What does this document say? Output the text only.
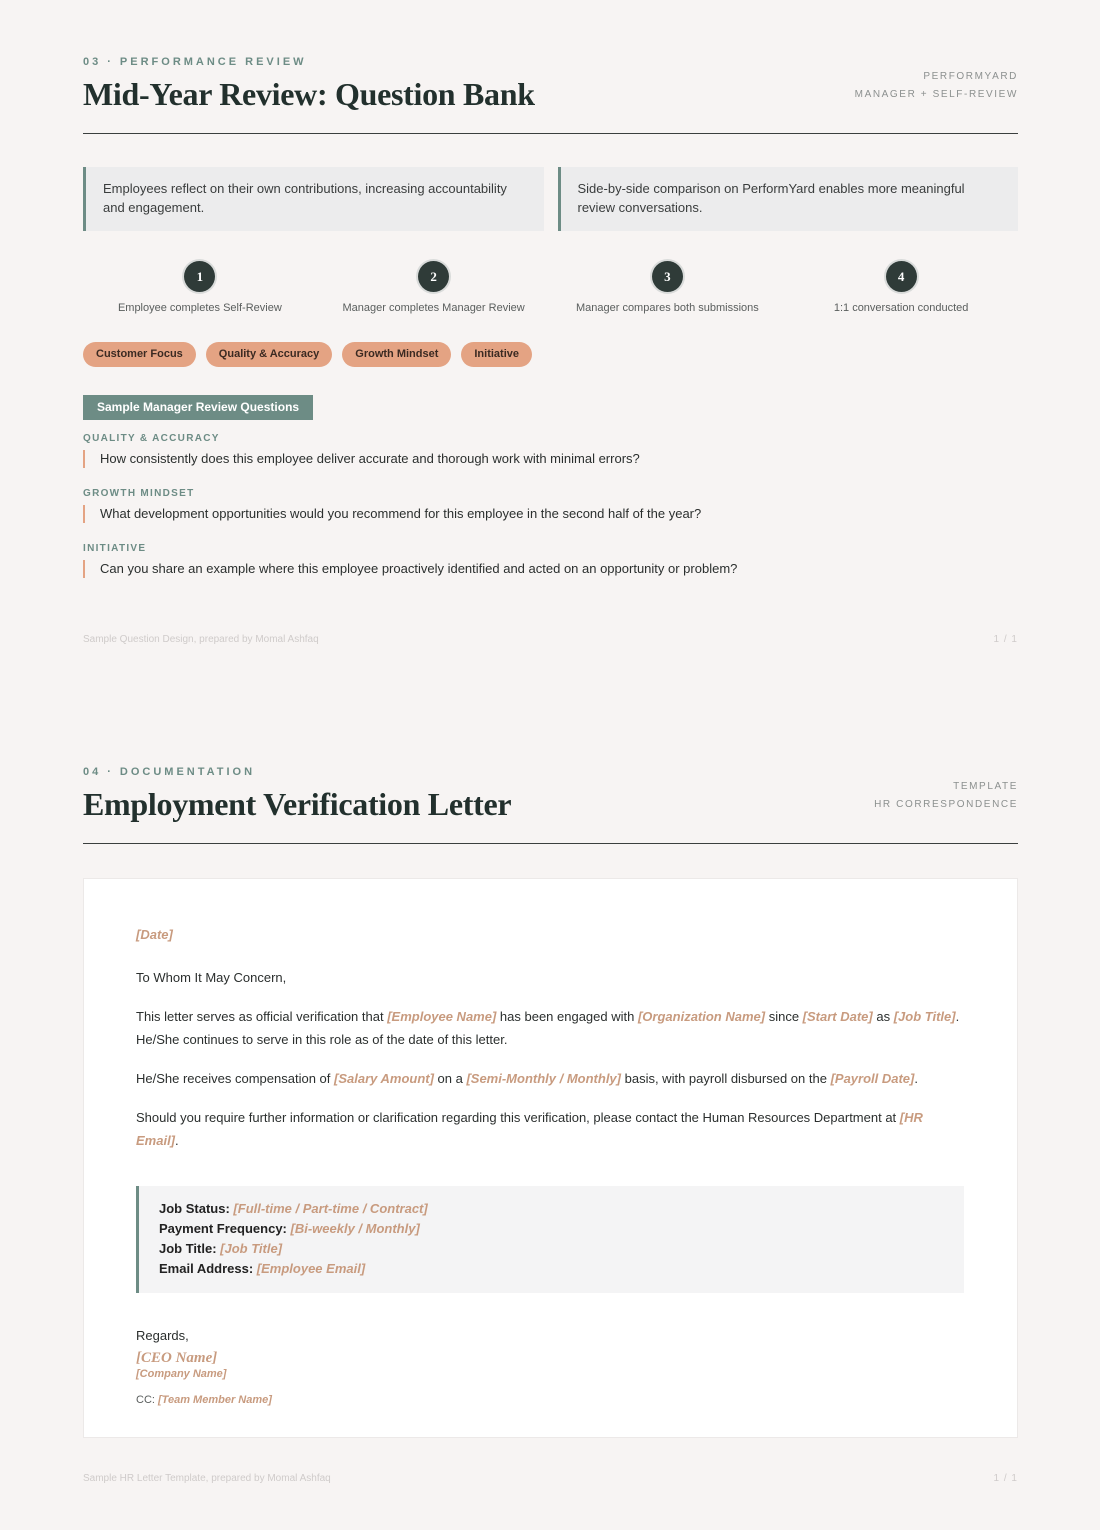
03 · PERFORMANCE REVIEW
Mid-Year Review: Question Bank	PERFORMYARD
MANAGER + SELF-REVIEW
Employees reflect on their own contributions, increasing accountability and engagement.
Side-by-side comparison on PerformYard enables more meaningful review conversations.
1
Employee completes Self-Review
2
Manager completes Manager Review
3
Manager compares both submissions
4
1:1 conversation conducted
Customer Focus	Quality & Accuracy	Growth Mindset	Initiative
Sample Manager Review Questions
QUALITY & ACCURACY
How consistently does this employee deliver accurate and thorough work with minimal errors?
GROWTH MINDSET
What development opportunities would you recommend for this employee in the second half of the year?
INITIATIVE
Can you share an example where this employee proactively identified and acted on an opportunity or problem?
Sample Question Design, prepared by Momal Ashfaq	1 / 1
04 · DOCUMENTATION
Employment Verification Letter	TEMPLATE
HR CORRESPONDENCE

[Date]

To Whom It May Concern,

This letter serves as official verification that [Employee Name] has been engaged with [Organization Name] since [Start Date] as [Job Title]. He/She continues to serve in this role as of the date of this letter.

He/She receives compensation of [Salary Amount] on a [Semi-Monthly / Monthly] basis, with payroll disbursed on the [Payroll Date].

Should you require further information or clarification regarding this verification, please contact the Human Resources Department at [HR Email].

Job Status: [Full-time / Part-time / Contract]
Payment Frequency: [Bi-weekly / Monthly]
Job Title: [Job Title]
Email Address: [Employee Email]

Regards,

[CEO Name]

[Company Name]

CC: [Team Member Name]

Sample HR Letter Template, prepared by Momal Ashfaq	1 / 1
